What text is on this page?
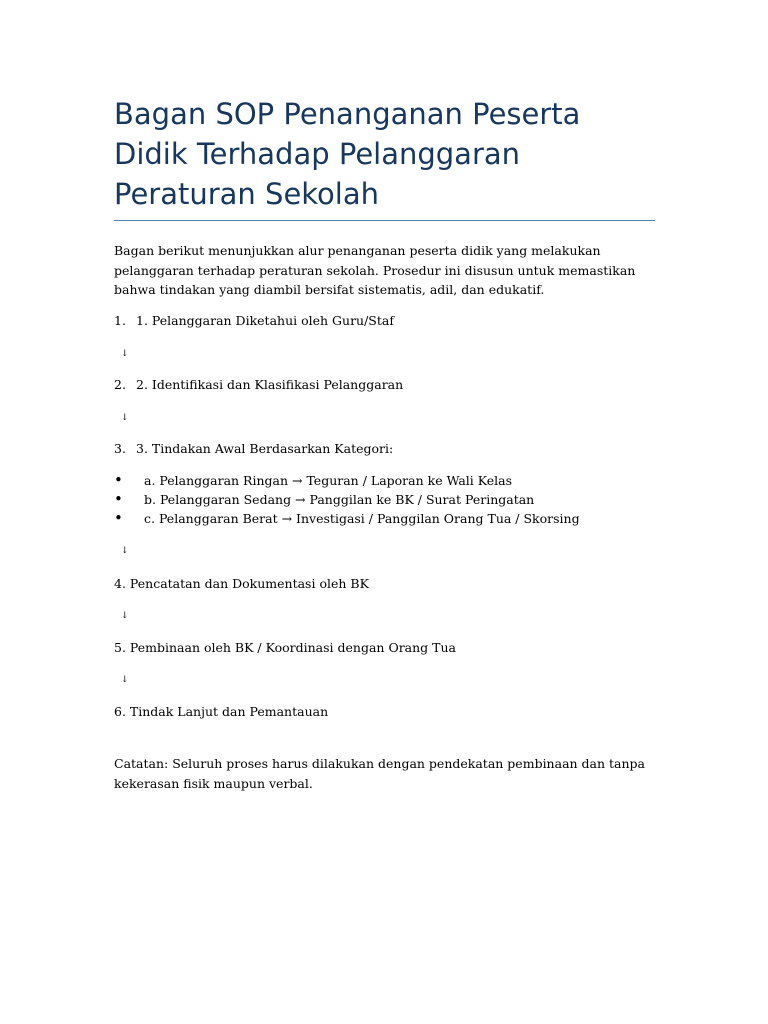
Bagan SOP Penanganan Peserta Didik Terhadap Pelanggaran Peraturan Sekolah

Bagan berikut menunjukkan alur penanganan peserta didik yang melakukan pelanggaran terhadap peraturan sekolah. Prosedur ini disusun untuk memastikan bahwa tindakan yang diambil bersifat sistematis, adil, dan edukatif.

1. 1. Pelanggaran Diketahui oleh Guru/Staf
↓
2. 2. Identifikasi dan Klasifikasi Pelanggaran
↓
3. 3. Tindakan Awal Berdasarkan Kategori:
• a. Pelanggaran Ringan → Teguran / Laporan ke Wali Kelas
• b. Pelanggaran Sedang → Panggilan ke BK / Surat Peringatan
• c. Pelanggaran Berat → Investigasi / Panggilan Orang Tua / Skorsing
↓
4. Pencatatan dan Dokumentasi oleh BK
↓
5. Pembinaan oleh BK / Koordinasi dengan Orang Tua
↓
6. Tindak Lanjut dan Pemantauan

Catatan: Seluruh proses harus dilakukan dengan pendekatan pembinaan dan tanpa kekerasan fisik maupun verbal.
